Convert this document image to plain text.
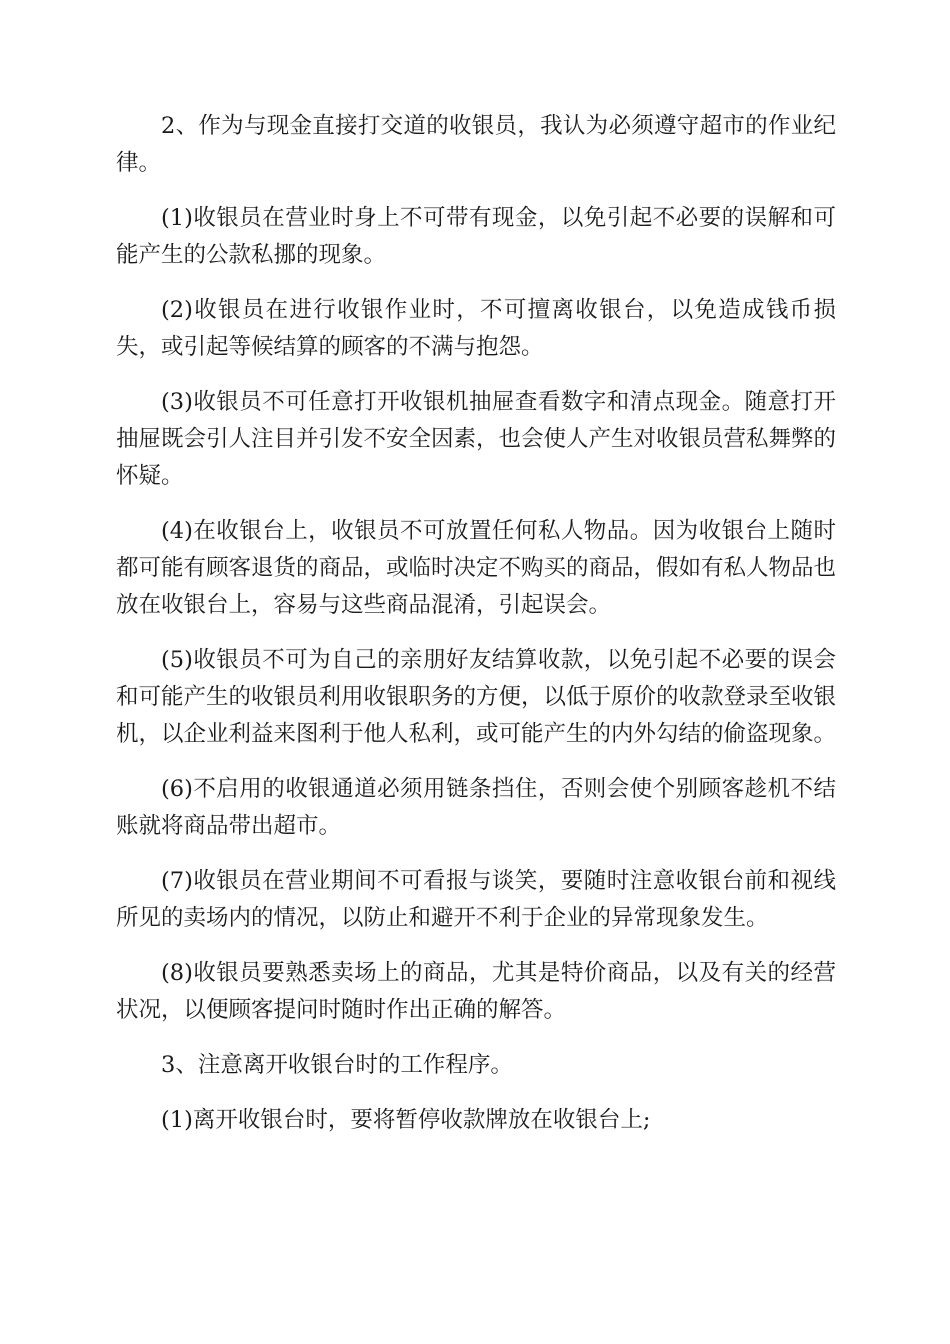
2、作为与现金直接打交道的收银员，我认为必须遵守超市的作业纪律。

(1)收银员在营业时身上不可带有现金，以免引起不必要的误解和可能产生的公款私挪的现象。

(2)收银员在进行收银作业时，不可擅离收银台，以免造成钱币损失，或引起等候结算的顾客的不满与抱怨。

(3)收银员不可任意打开收银机抽屉查看数字和清点现金。随意打开抽屉既会引人注目并引发不安全因素，也会使人产生对收银员营私舞弊的怀疑。

(4)在收银台上，收银员不可放置任何私人物品。因为收银台上随时都可能有顾客退货的商品，或临时决定不购买的商品，假如有私人物品也放在收银台上，容易与这些商品混淆，引起误会。

(5)收银员不可为自己的亲朋好友结算收款，以免引起不必要的误会和可能产生的收银员利用收银职务的方便，以低于原价的收款登录至收银机，以企业利益来图利于他人私利，或可能产生的内外勾结的偷盗现象。

(6)不启用的收银通道必须用链条挡住，否则会使个别顾客趁机不结账就将商品带出超市。

(7)收银员在营业期间不可看报与谈笑，要随时注意收银台前和视线所见的卖场内的情况，以防止和避开不利于企业的异常现象发生。

(8)收银员要熟悉卖场上的商品，尤其是特价商品，以及有关的经营状况，以便顾客提问时随时作出正确的解答。

3、注意离开收银台时的工作程序。

(1)离开收银台时，要将暂停收款牌放在收银台上;
